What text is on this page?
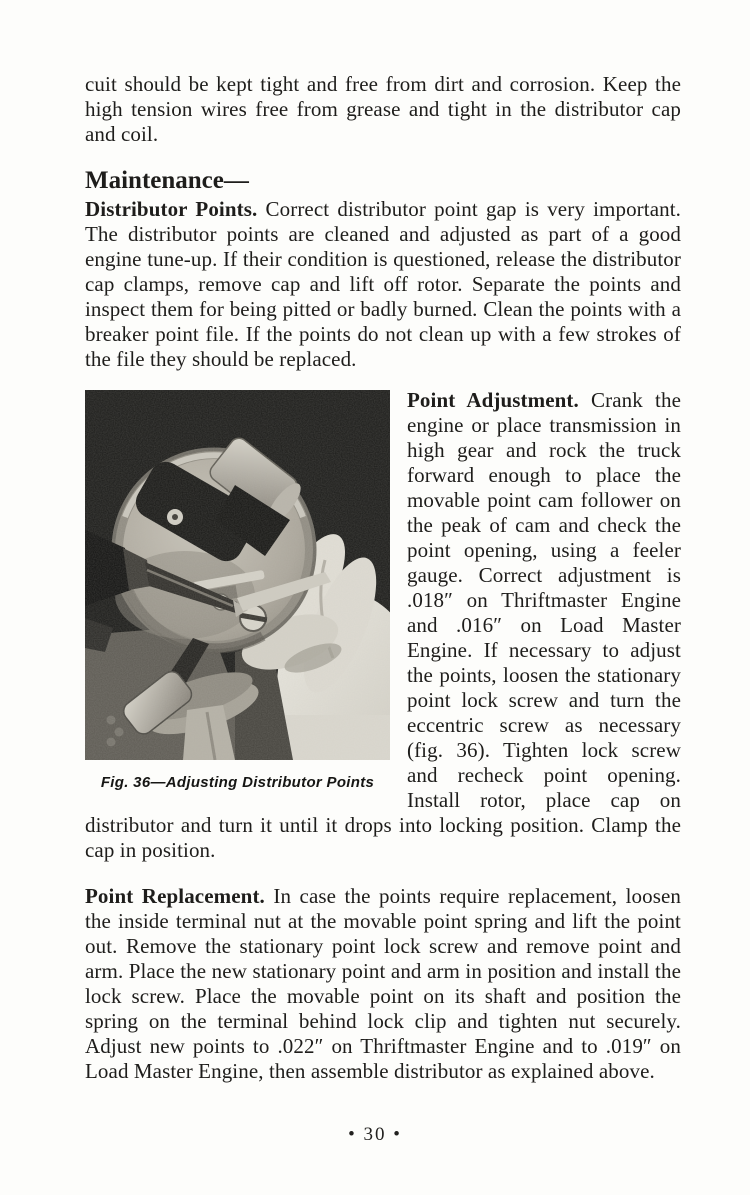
cuit should be kept tight and free from dirt and corrosion. Keep the high tension wires free from grease and tight in the distributor cap and coil.

Maintenance—

Distributor Points. Correct distributor point gap is very important. The distributor points are cleaned and adjusted as part of a good engine tune-up. If their condition is questioned, release the distributor cap clamps, remove cap and lift off rotor. Separate the points and inspect them for being pitted or badly burned. Clean the points with a breaker point file. If the points do not clean up with a few strokes of the file they should be replaced.

Fig. 36—Adjusting Distributor Points

Point Adjustment. Crank the engine or place transmission in high gear and rock the truck forward enough to place the movable point cam follower on the peak of cam and check the point opening, using a feeler gauge. Correct adjustment is .018″ on Thriftmaster Engine and .016″ on Load Master Engine. If necessary to adjust the points, loosen the stationary point lock screw and turn the eccentric screw as necessary (fig. 36). Tighten lock screw and recheck point opening. Install rotor, place cap on distributor and turn it until it drops into locking position. Clamp the cap in position.

Point Replacement. In case the points require replacement, loosen the inside terminal nut at the movable point spring and lift the point out. Remove the stationary point lock screw and remove point and arm. Place the new stationary point and arm in position and install the lock screw. Place the movable point on its shaft and position the spring on the terminal behind lock clip and tighten nut securely. Adjust new points to .022″ on Thriftmaster Engine and to .019″ on Load Master Engine, then assemble distributor as explained above.

• 30 •
